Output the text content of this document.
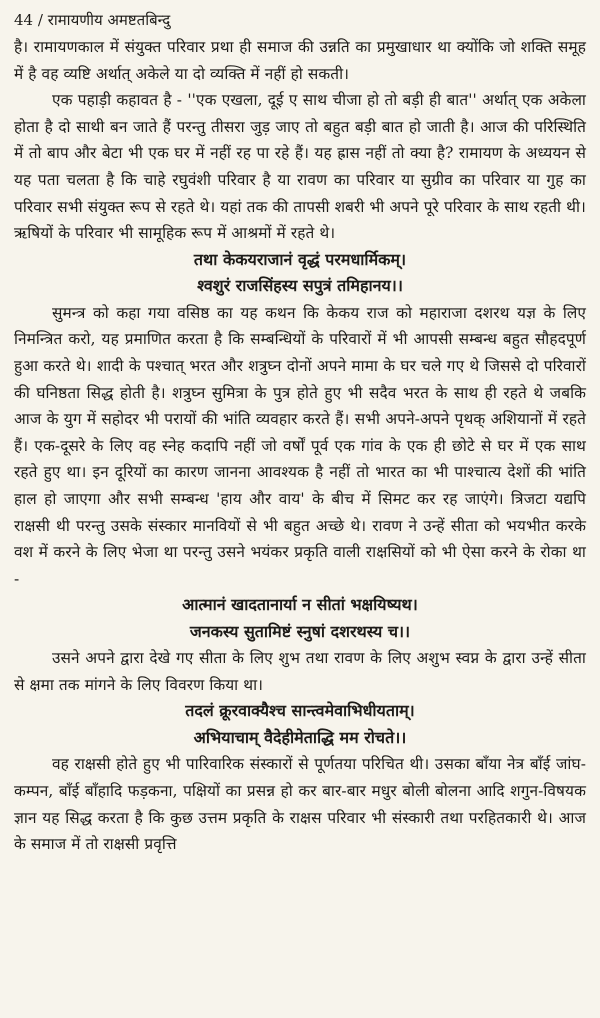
44 / रामायणीय अमष्टतबिन्दु

है। रामायणकाल में संयुक्त परिवार प्रथा ही समाज की उन्नति का प्रमुखाधार था क्योंकि जो शक्ति समूह में है वह व्यष्टि अर्थात् अकेले या दो व्यक्ति में नहीं हो सकती।

एक पहाड़ी कहावत है - ''एक एखला, दूई ए साथ चीजा हो तो बड़ी ही बात'' अर्थात् एक अकेला होता है दो साथी बन जाते हैं परन्तु तीसरा जुड़ जाए तो बहुत बड़ी बात हो जाती है। आज की परिस्थिति में तो बाप और बेटा भी एक घर में नहीं रह पा रहे हैं। यह ह्रास नहीं तो क्या है? रामायण के अध्ययन से यह पता चलता है कि चाहे रघुवंशी परिवार है या रावण का परिवार या सुग्रीव का परिवार या गुह का परिवार सभी संयुक्त रूप से रहते थे। यहां तक की तापसी शबरी भी अपने पूरे परिवार के साथ रहती थी। ऋषियों के परिवार भी सामूहिक रूप में आश्रमों में रहते थे।

तथा केकयराजानं वृद्धं परमधार्मिकम्।
श्वशुरं राजसिंहस्य सपुत्रं तमिहानय।।

सुमन्त्र को कहा गया वसिष्ठ का यह कथन कि केकय राज को महाराजा दशरथ यज्ञ के लिए निमन्त्रित करो, यह प्रमाणित करता है कि सम्बन्धियों के परिवारों में भी आपसी सम्बन्ध बहुत सौहदपूर्ण हुआ करते थे। शादी के पश्चात् भरत और शत्रुघ्न दोनों अपने मामा के घर चले गए थे जिससे दो परिवारों की घनिष्ठता सिद्ध होती है। शत्रुघ्न सुमित्रा के पुत्र होते हुए भी सदैव भरत के साथ ही रहते थे जबकि आज के युग में सहोदर भी परायों की भांति व्यवहार करते हैं। सभी अपने-अपने पृथक् अशियानों में रहते हैं। एक-दूसरे के लिए वह स्नेह कदापि नहीं जो वर्षों पूर्व एक गांव के एक ही छोटे से घर में एक साथ रहते हुए था। इन दूरियों का कारण जानना आवश्यक है नहीं तो भारत का भी पाश्चात्य देशों की भांति हाल हो जाएगा और सभी सम्बन्ध 'हाय और वाय' के बीच में सिमट कर रह जाएंगे। त्रिजटा यद्यपि राक्षसी थी परन्तु उसके संस्कार मानवियों से भी बहुत अच्छे थे। रावण ने उन्हें सीता को भयभीत करके वश में करने के लिए भेजा था परन्तु उसने भयंकर प्रकृति वाली राक्षसियों को भी ऐसा करने के रोका था -

आत्मानं खादतानार्या न सीतां भक्षयिष्यथ।
जनकस्य सुतामिष्टं स्नुषां दशरथस्य च।।

उसने अपने द्वारा देखे गए सीता के लिए शुभ तथा रावण के लिए अशुभ स्वप्न के द्वारा उन्हें सीता से क्षमा तक मांगने के लिए विवरण किया था।

तदलं क्रूरवाक्यैश्च सान्त्वमेवाभिधीयताम्।
अभियाचाम् वैदेहीमेताद्धि मम रोचते।।

वह राक्षसी होते हुए भी पारिवारिक संस्कारों से पूर्णतया परिचित थी। उसका बाँया नेत्र बाँई जांघ-कम्पन, बाँई बाँहादि फड़कना, पक्षियों का प्रसन्न हो कर बार-बार मधुर बोली बोलना आदि शगुन-विषयक ज्ञान यह सिद्ध करता है कि कुछ उत्तम प्रकृति के राक्षस परिवार भी संस्कारी तथा परहितकारी थे। आज के समाज में तो राक्षसी प्रवृत्ति
